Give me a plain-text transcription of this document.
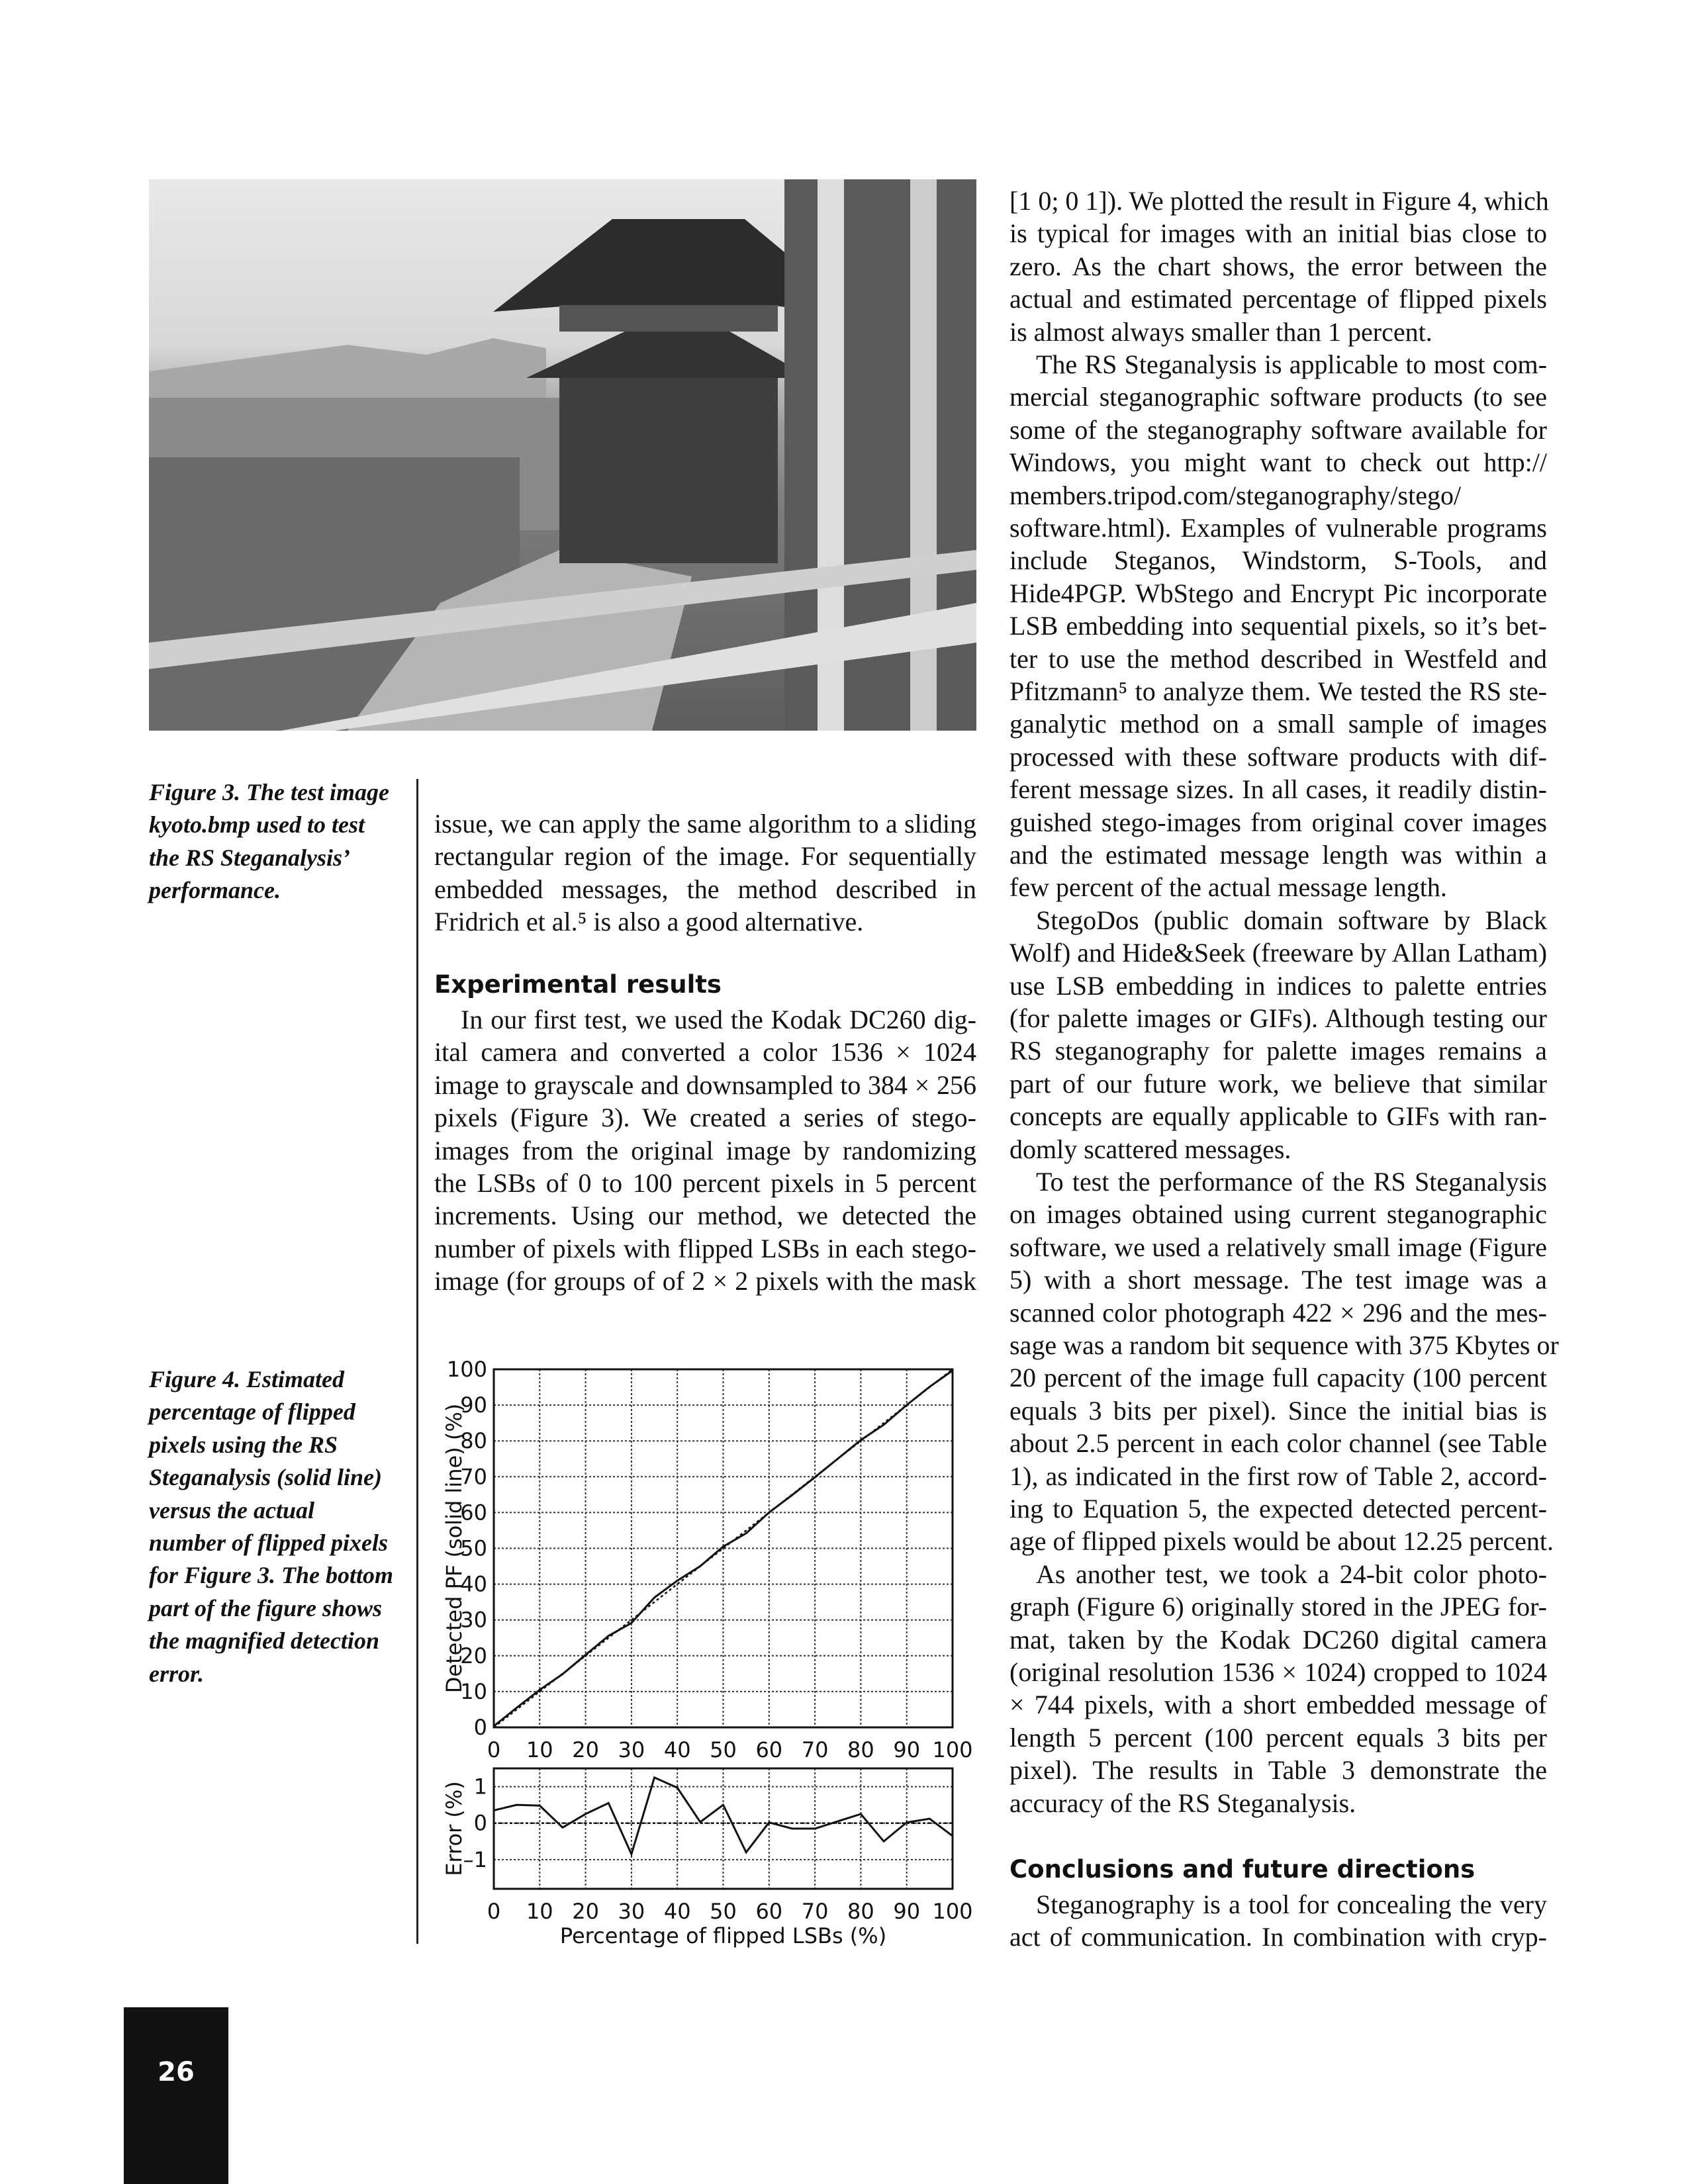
Figure 3. The test image
kyoto.bmp used to test
the RS Steganalysis’
performance.
Figure 4. Estimated
percentage of flipped
pixels using the RS
Steganalysis (solid line)
versus the actual
number of flipped pixels
for Figure 3. The bottom
part of the figure shows
the magnified detection
error.
issue, we can apply the same algorithm to a sliding
rectangular region of the image. For sequentially
embedded messages, the method described in
Fridrich et al.⁵ is also a good alternative.
In our first test, we used the Kodak DC260 dig-
ital camera and converted a color 1536 × 1024
image to grayscale and downsampled to 384 × 256
pixels (Figure 3). We created a series of stego-
images from the original image by randomizing
the LSBs of 0 to 100 percent pixels in 5 percent
increments. Using our method, we detected the
number of pixels with flipped LSBs in each stego-
image (for groups of of 2 × 2 pixels with the mask
Experimental results
[1 0; 0 1]). We plotted the result in Figure 4, which
is typical for images with an initial bias close to
zero. As the chart shows, the error between the
actual and estimated percentage of flipped pixels
is almost always smaller than 1 percent.
The RS Steganalysis is applicable to most com-
mercial steganographic software products (to see
some of the steganography software available for
Windows, you might want to check out http://
members.tripod.com/steganography/stego/
software.html). Examples of vulnerable programs
include Steganos, Windstorm, S-Tools, and
Hide4PGP. WbStego and Encrypt Pic incorporate
LSB embedding into sequential pixels, so it’s bet-
ter to use the method described in Westfeld and
Pfitzmann⁵ to analyze them. We tested the RS ste-
ganalytic method on a small sample of images
processed with these software products with dif-
ferent message sizes. In all cases, it readily distin-
guished stego-images from original cover images
and the estimated message length was within a
few percent of the actual message length.
StegoDos (public domain software by Black
Wolf) and Hide&Seek (freeware by Allan Latham)
use LSB embedding in indices to palette entries
(for palette images or GIFs). Although testing our
RS steganography for palette images remains a
part of our future work, we believe that similar
concepts are equally applicable to GIFs with ran-
domly scattered messages.
To test the performance of the RS Steganalysis
on images obtained using current steganographic
software, we used a relatively small image (Figure
5) with a short message. The test image was a
scanned color photograph 422 × 296 and the mes-
sage was a random bit sequence with 375 Kbytes or
20 percent of the image full capacity (100 percent
equals 3 bits per pixel). Since the initial bias is
about 2.5 percent in each color channel (see Table
1), as indicated in the first row of Table 2, accord-
ing to Equation 5, the expected detected percent-
age of flipped pixels would be about 12.25 percent.
As another test, we took a 24-bit color photo-
graph (Figure 6) originally stored in the JPEG for-
mat, taken by the Kodak DC260 digital camera
(original resolution 1536 × 1024) cropped to 1024
× 744 pixels, with a short embedded message of
length 5 percent (100 percent equals 3 bits per
pixel). The results in Table 3 demonstrate the
accuracy of the RS Steganalysis.
Steganography is a tool for concealing the very
act of communication. In combination with cryp-
Conclusions and future directions
0 10 20 30 40 50 60 70 80 90 100
0
10
20
30
40
50
60
70
80
90
100
Detected PF (solid line) (%)
0 10 20 30 40 50 60 70 80 90 100
1
0
–1
Error (%)
Percentage of flipped LSBs (%)
26
